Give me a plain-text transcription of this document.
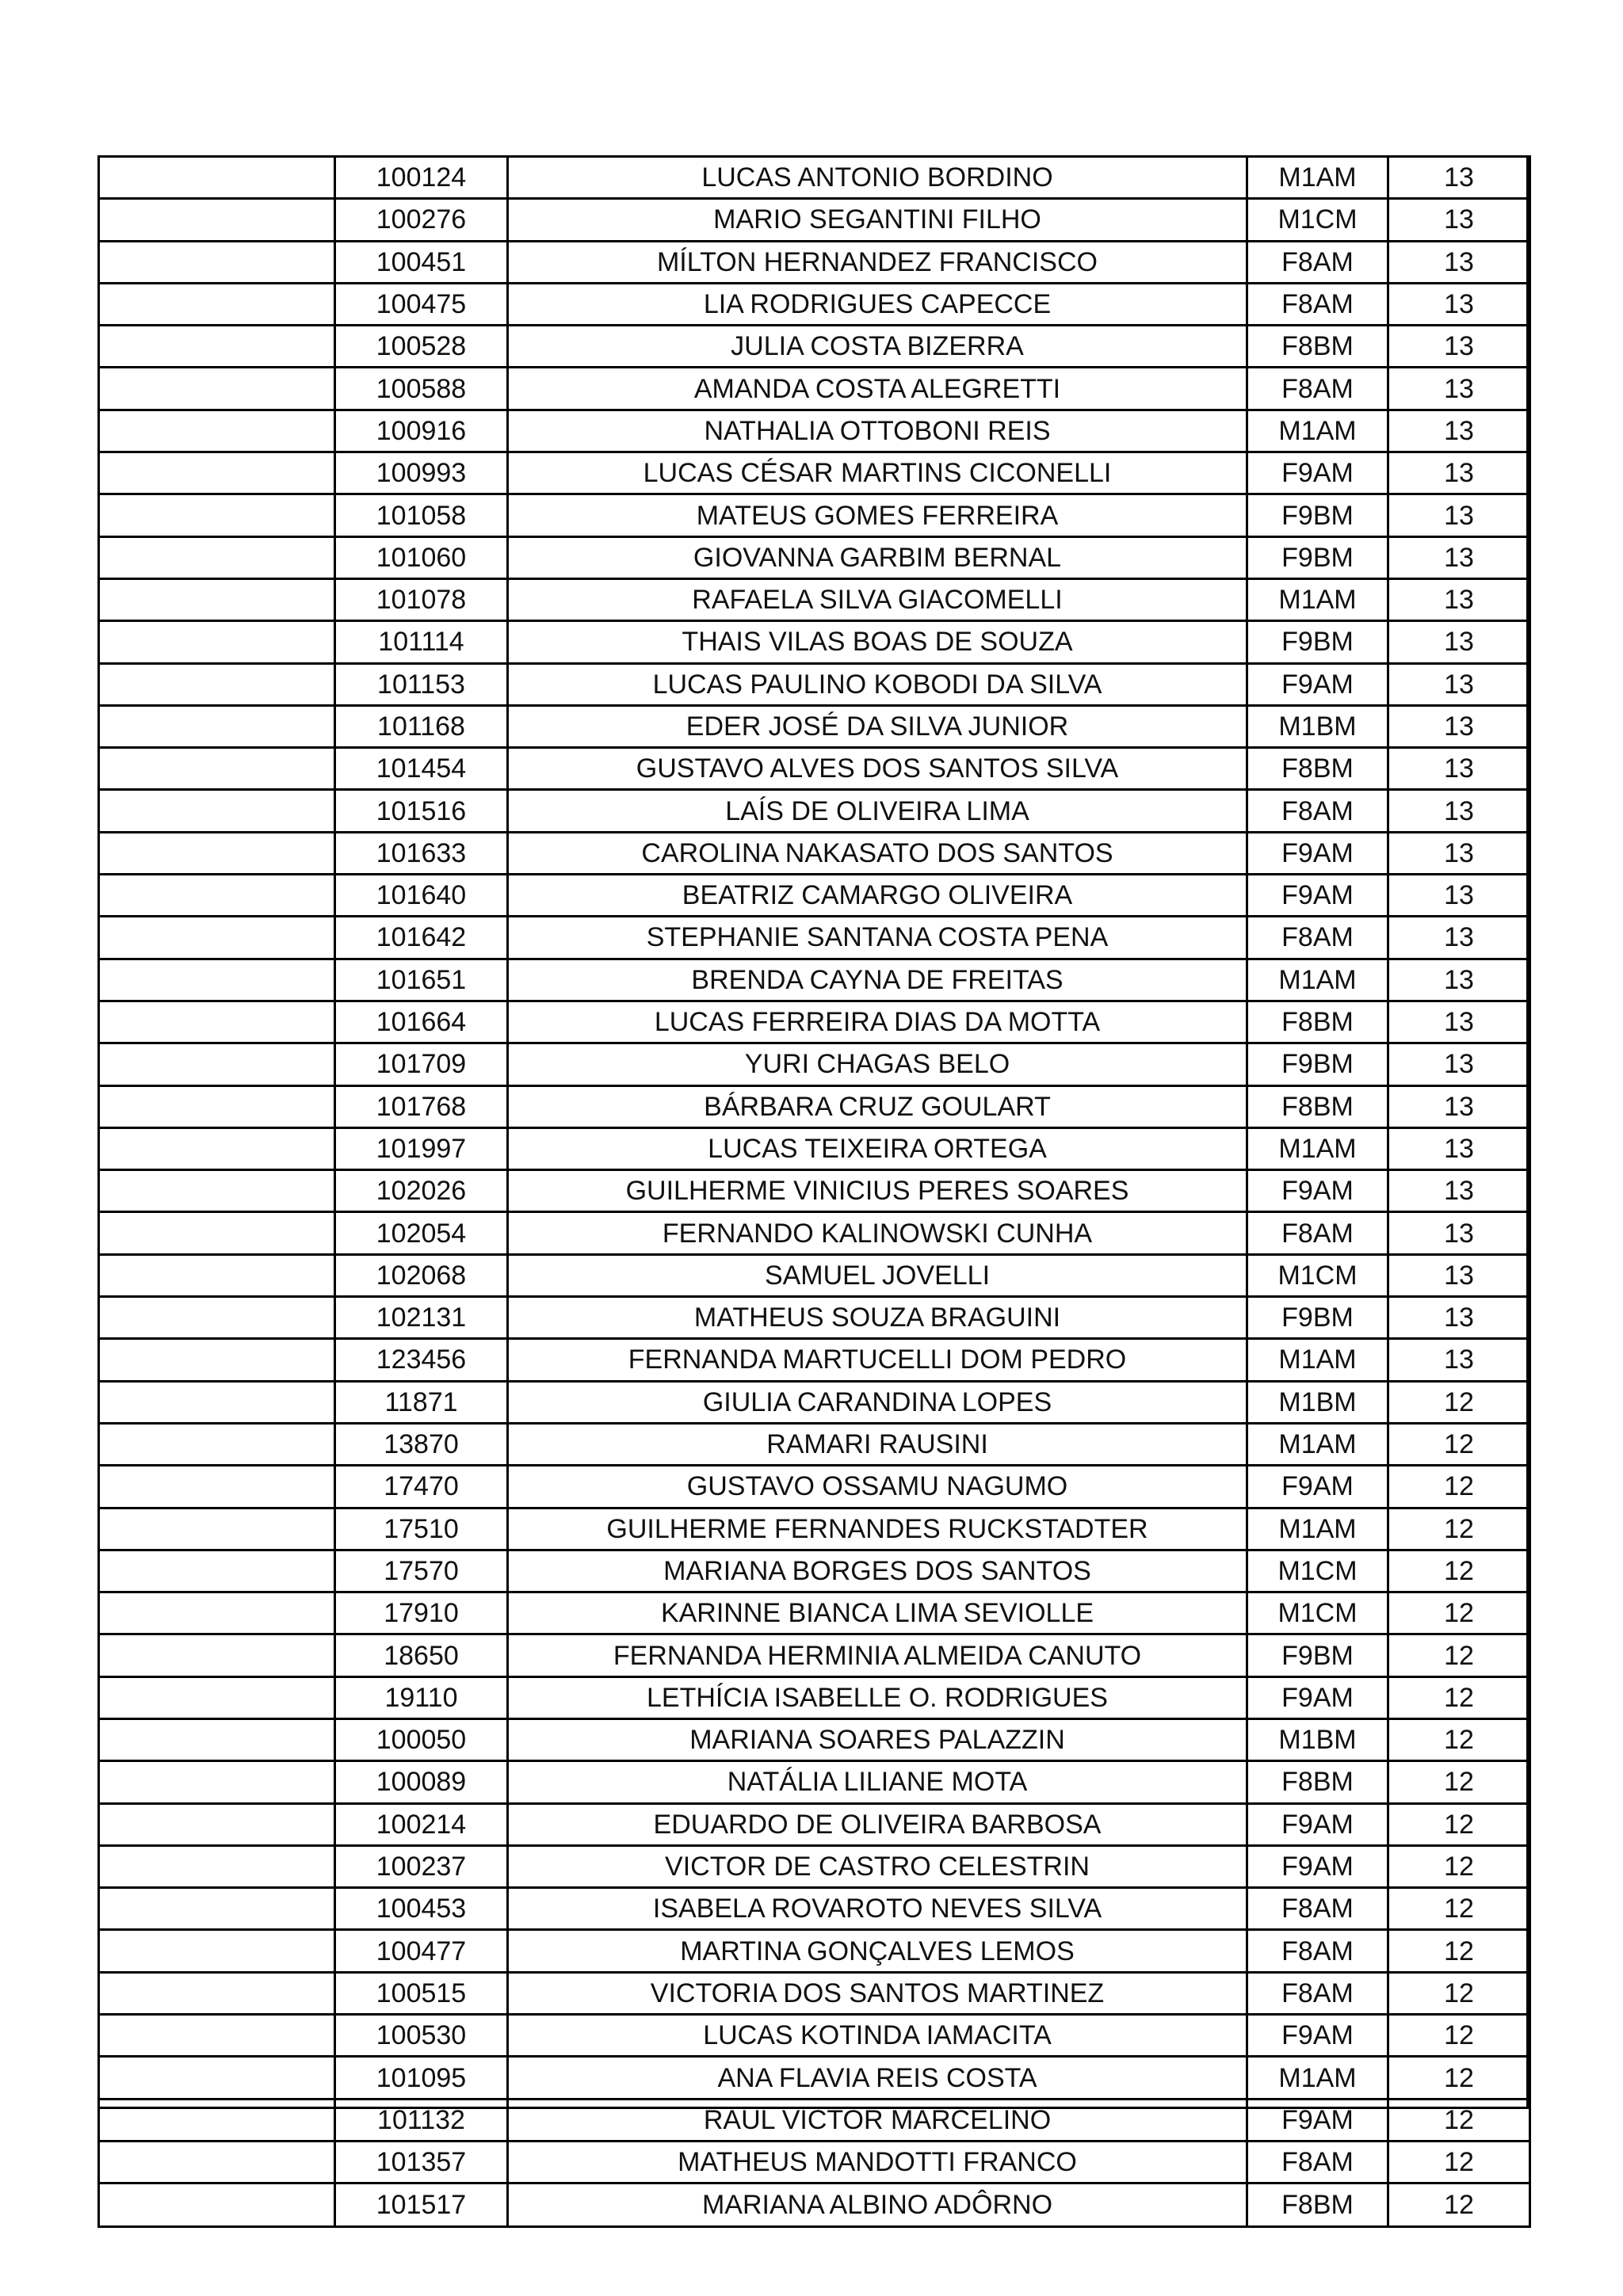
	100124	LUCAS ANTONIO BORDINO	M1AM	13
	100276	MARIO SEGANTINI FILHO	M1CM	13
	100451	MÍLTON HERNANDEZ FRANCISCO	F8AM	13
	100475	LIA RODRIGUES CAPECCE	F8AM	13
	100528	JULIA COSTA BIZERRA	F8BM	13
	100588	AMANDA COSTA ALEGRETTI	F8AM	13
	100916	NATHALIA OTTOBONI REIS	M1AM	13
	100993	LUCAS CÉSAR MARTINS CICONELLI	F9AM	13
	101058	MATEUS GOMES FERREIRA	F9BM	13
	101060	GIOVANNA GARBIM BERNAL	F9BM	13
	101078	RAFAELA SILVA GIACOMELLI	M1AM	13
	101114	THAIS VILAS BOAS DE SOUZA	F9BM	13
	101153	LUCAS PAULINO KOBODI DA SILVA	F9AM	13
	101168	EDER JOSÉ DA SILVA JUNIOR	M1BM	13
	101454	GUSTAVO ALVES DOS SANTOS SILVA	F8BM	13
	101516	LAÍS DE OLIVEIRA LIMA	F8AM	13
	101633	CAROLINA NAKASATO DOS SANTOS	F9AM	13
	101640	BEATRIZ CAMARGO OLIVEIRA	F9AM	13
	101642	STEPHANIE SANTANA COSTA PENA	F8AM	13
	101651	BRENDA CAYNA DE FREITAS	M1AM	13
	101664	LUCAS FERREIRA DIAS DA MOTTA	F8BM	13
	101709	YURI CHAGAS BELO	F9BM	13
	101768	BÁRBARA CRUZ GOULART	F8BM	13
	101997	LUCAS TEIXEIRA ORTEGA	M1AM	13
	102026	GUILHERME VINICIUS PERES SOARES	F9AM	13
	102054	FERNANDO KALINOWSKI CUNHA	F8AM	13
	102068	SAMUEL JOVELLI	M1CM	13
	102131	MATHEUS SOUZA BRAGUINI	F9BM	13
	123456	FERNANDA MARTUCELLI DOM PEDRO	M1AM	13
	11871	GIULIA CARANDINA LOPES	M1BM	12
	13870	RAMARI RAUSINI	M1AM	12
	17470	GUSTAVO OSSAMU NAGUMO	F9AM	12
	17510	GUILHERME FERNANDES RUCKSTADTER	M1AM	12
	17570	MARIANA BORGES DOS SANTOS	M1CM	12
	17910	KARINNE BIANCA LIMA SEVIOLLE	M1CM	12
	18650	FERNANDA HERMINIA ALMEIDA CANUTO	F9BM	12
	19110	LETHÍCIA ISABELLE O. RODRIGUES	F9AM	12
	100050	MARIANA SOARES PALAZZIN	M1BM	12
	100089	NATÁLIA LILIANE MOTA	F8BM	12
	100214	EDUARDO DE OLIVEIRA BARBOSA	F9AM	12
	100237	VICTOR DE CASTRO CELESTRIN	F9AM	12
	100453	ISABELA ROVAROTO NEVES SILVA	F8AM	12
	100477	MARTINA GONÇALVES LEMOS	F8AM	12
	100515	VICTORIA DOS SANTOS MARTINEZ	F8AM	12
	100530	LUCAS KOTINDA IAMACITA	F9AM	12
	101095	ANA FLAVIA REIS COSTA	M1AM	12
	101132	RAUL VICTOR MARCELINO	F9AM	12
	101357	MATHEUS MANDOTTI FRANCO	F8AM	12
	101517	MARIANA ALBINO ADÔRNO	F8BM	12
